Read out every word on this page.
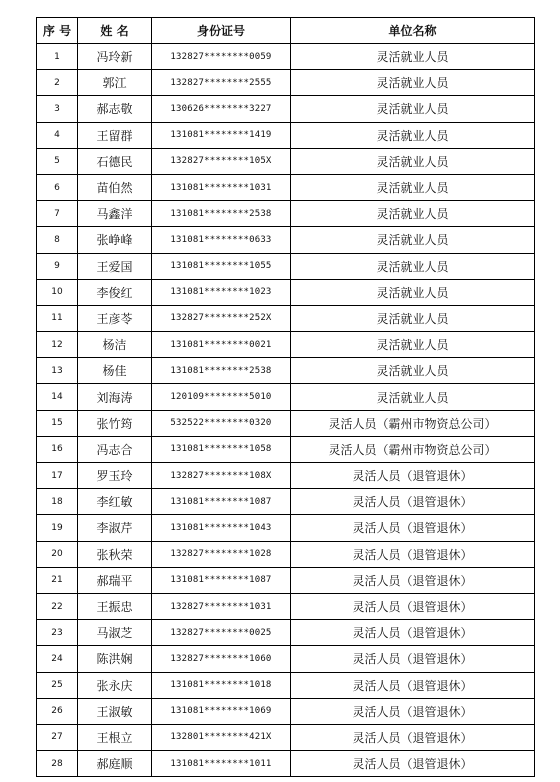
序 号	姓 名	身份证号	单位名称
1	冯玲新	132827********0059	灵活就业人员
2	郭江	132827********2555	灵活就业人员
3	郝志敬	130626********3227	灵活就业人员
4	王留群	131081********1419	灵活就业人员
5	石德民	132827********105X	灵活就业人员
6	苗伯然	131081********1031	灵活就业人员
7	马鑫洋	131081********2538	灵活就业人员
8	张峥峰	131081********0633	灵活就业人员
9	王爱国	131081********1055	灵活就业人员
10	李俊红	131081********1023	灵活就业人员
11	王彦苓	132827********252X	灵活就业人员
12	杨洁	131081********0021	灵活就业人员
13	杨佳	131081********2538	灵活就业人员
14	刘海涛	120109********5010	灵活就业人员
15	张竹筠	532522********0320	灵活人员（霸州市物资总公司）
16	冯志合	131081********1058	灵活人员（霸州市物资总公司）
17	罗玉玲	132827********108X	灵活人员（退管退休）
18	李红敏	131081********1087	灵活人员（退管退休）
19	李淑芹	131081********1043	灵活人员（退管退休）
20	张秋荣	132827********1028	灵活人员（退管退休）
21	郝瑞平	131081********1087	灵活人员（退管退休）
22	王振忠	132827********1031	灵活人员（退管退休）
23	马淑芝	132827********0025	灵活人员（退管退休）
24	陈洪娴	132827********1060	灵活人员（退管退休）
25	张永庆	131081********1018	灵活人员（退管退休）
26	王淑敏	131081********1069	灵活人员（退管退休）
27	王根立	132801********421X	灵活人员（退管退休）
28	郝庭顺	131081********1011	灵活人员（退管退休）
